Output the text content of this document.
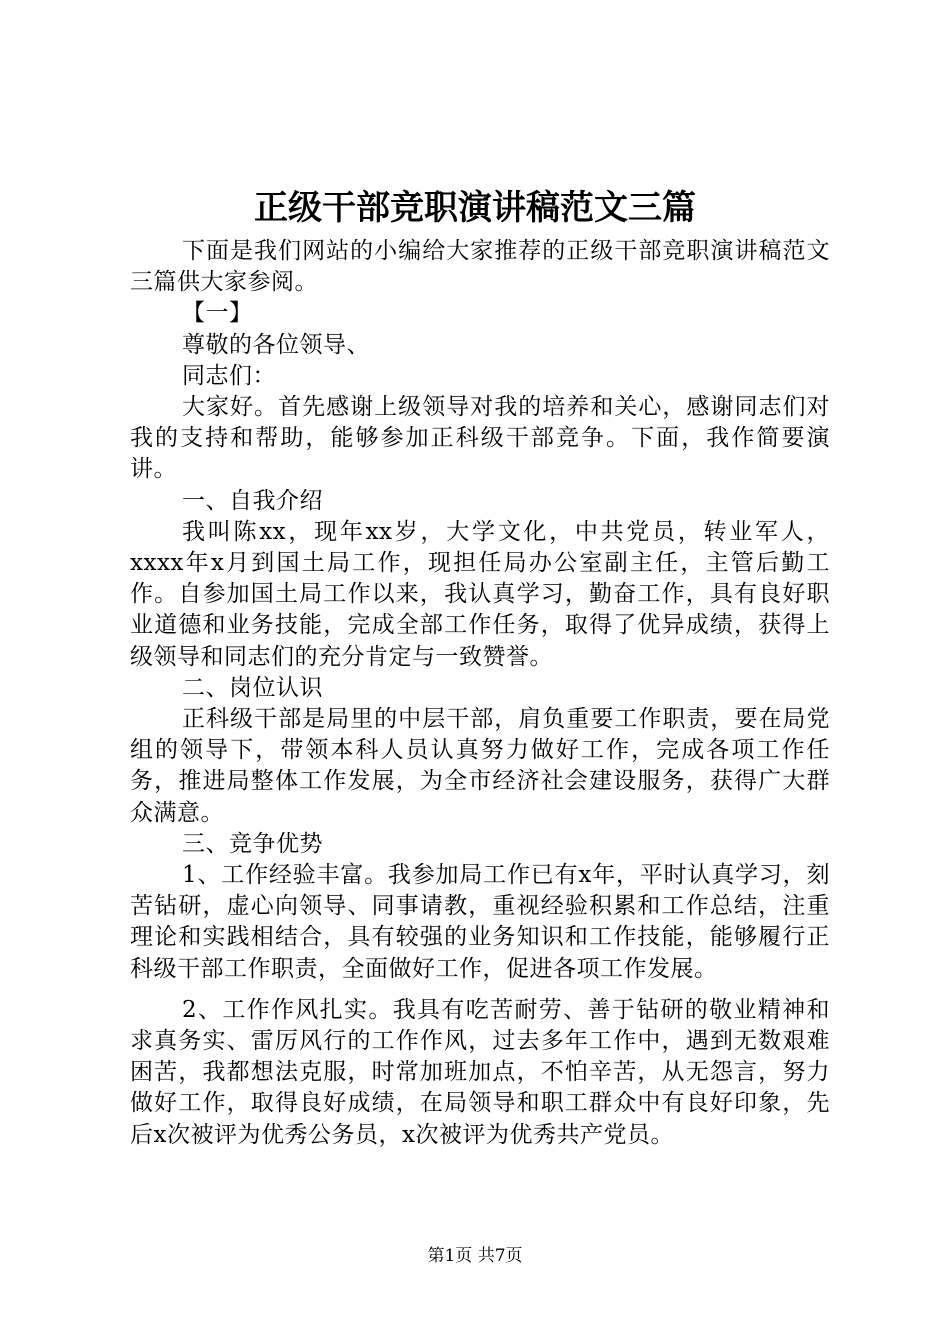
正级干部竞职演讲稿范文三篇

下面是我们网站的小编给大家推荐的正级干部竞职演讲稿范文三篇供大家参阅。

【一】

尊敬的各位领导、

同志们：

大家好。首先感谢上级领导对我的培养和关心，感谢同志们对我的支持和帮助，能够参加正科级干部竞争。下面，我作简要演讲。

一、自我介绍

我叫陈xx，现年xx岁，大学文化，中共党员，转业军人，xxxx年x月到国土局工作，现担任局办公室副主任，主管后勤工作。自参加国土局工作以来，我认真学习，勤奋工作，具有良好职业道德和业务技能，完成全部工作任务，取得了优异成绩，获得上级领导和同志们的充分肯定与一致赞誉。

二、岗位认识

正科级干部是局里的中层干部，肩负重要工作职责，要在局党组的领导下，带领本科人员认真努力做好工作，完成各项工作任务，推进局整体工作发展，为全市经济社会建设服务，获得广大群众满意。

三、竞争优势

1、工作经验丰富。我参加局工作已有x年，平时认真学习，刻苦钻研，虚心向领导、同事请教，重视经验积累和工作总结，注重理论和实践相结合，具有较强的业务知识和工作技能，能够履行正科级干部工作职责，全面做好工作，促进各项工作发展。

2、工作作风扎实。我具有吃苦耐劳、善于钻研的敬业精神和求真务实、雷厉风行的工作作风，过去多年工作中，遇到无数艰难困苦，我都想法克服，时常加班加点，不怕辛苦，从无怨言，努力做好工作，取得良好成绩，在局领导和职工群众中有良好印象，先后x次被评为优秀公务员，x次被评为优秀共产党员。

第1页 共7页
